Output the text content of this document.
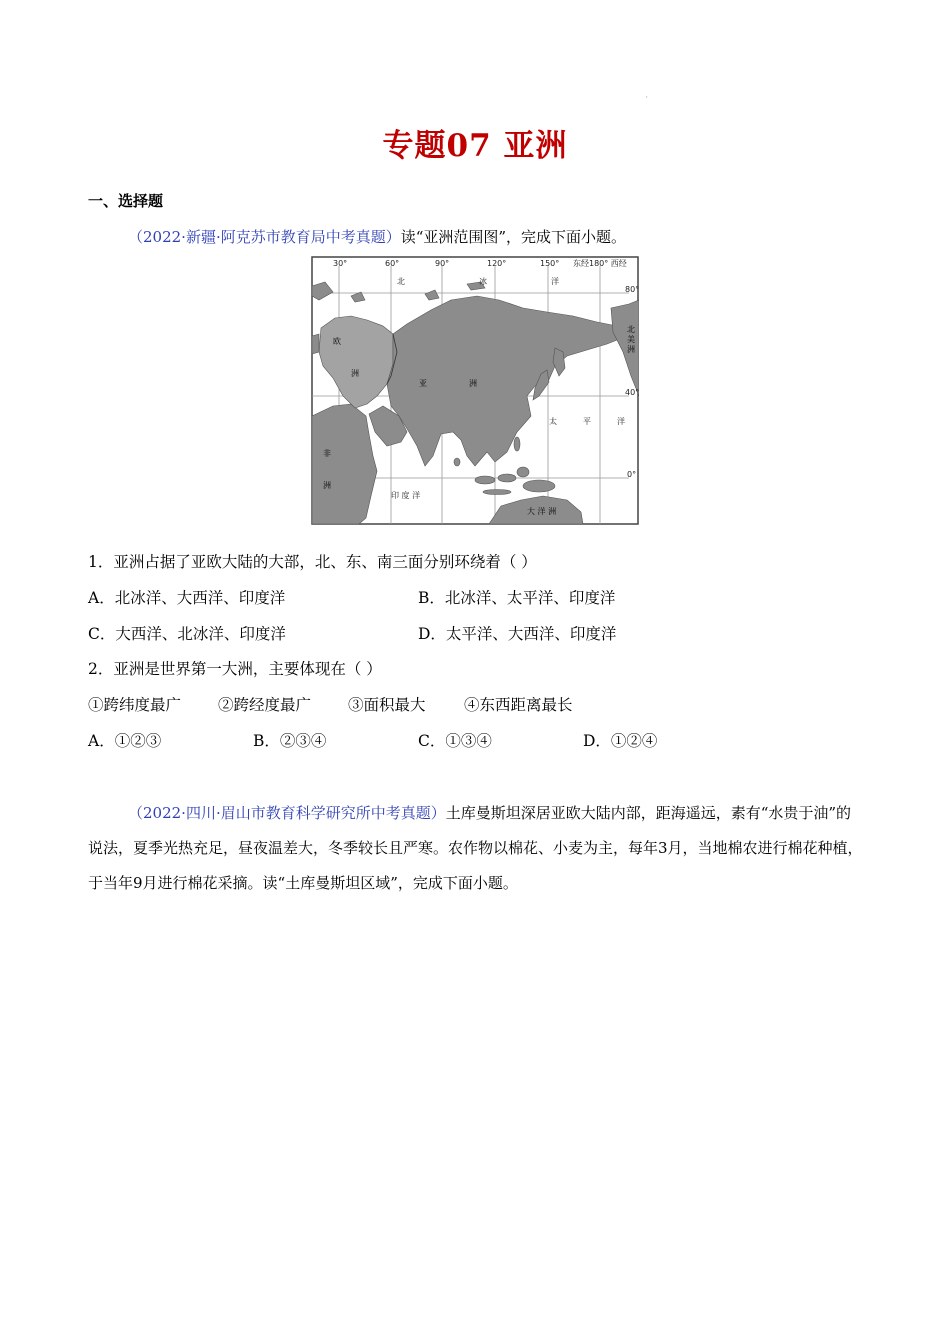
'
专题07 亚洲
一、选择题
（2022·新疆·阿克苏市教育局中考真题）读“亚洲范围图”，完成下面小题。
30°	60°	90°	120°	150° 东经180° 西经
80°
40°
0°
亚	洲
欧
洲
非
洲
北
美
洲
大 洋 洲
北	冰	洋
太	平	洋
印 度 洋
1．亚洲占据了亚欧大陆的大部，北、东、南三面分别环绕着（ ）
A．北冰洋、大西洋、印度洋	B．北冰洋、太平洋、印度洋
C．大西洋、北冰洋、印度洋	D．太平洋、大西洋、印度洋
2．亚洲是世界第一大洲，主要体现在（ ）
①跨纬度最广 ②跨经度最广 ③面积最大 ④东西距离最长
A．①②③	B．②③④	C．①③④	D．①②④
（2022·四川·眉山市教育科学研究所中考真题）土库曼斯坦深居亚欧大陆内部，距海遥远，素有“水贵于油”的说法，夏季光热充足，昼夜温差大，冬季较长且严寒。农作物以棉花、小麦为主，每年3月，当地棉农进行棉花种植，于当年9月进行棉花采摘。读“土库曼斯坦区域”，完成下面小题。
